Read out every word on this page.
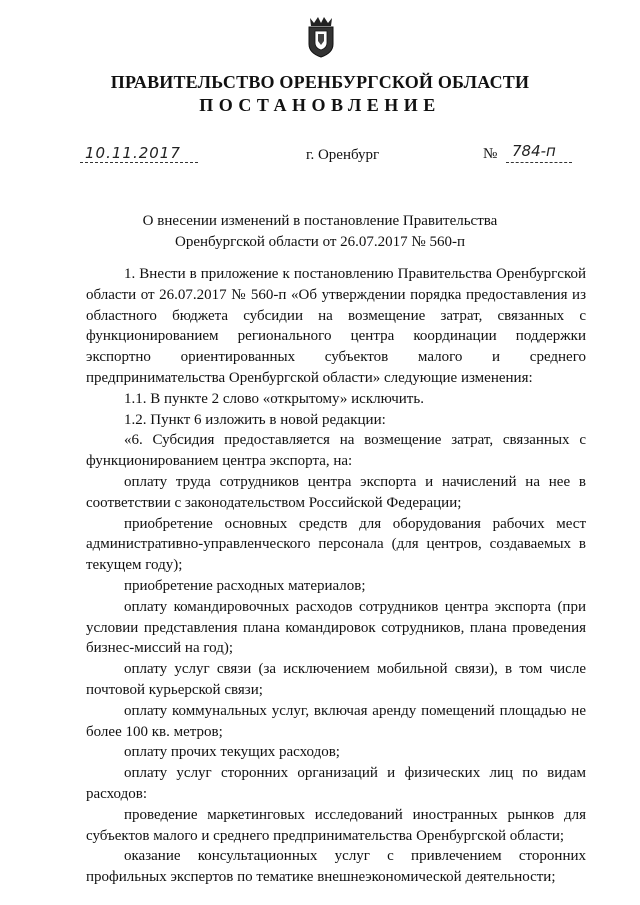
ПРАВИТЕЛЬСТВО ОРЕНБУРГСКОЙ ОБЛАСТИ
ПОСТАНОВЛЕНИЕ
10.11.2017	г. Оренбург	№ 784-п
О внесении изменений в постановление Правительства
Оренбургской области от 26.07.2017 № 560-п

1. Внести в приложение к постановлению Правительства Оренбургской области от 26.07.2017 № 560-п «Об утверждении порядка предоставления из областного бюджета субсидии на возмещение затрат, связанных с функционированием регионального центра координации поддержки экспортно ориентированных субъектов малого и среднего предпринимательства Оренбургской области» следующие изменения:

1.1. В пункте 2 слово «открытому» исключить.

1.2. Пункт 6 изложить в новой редакции:

«6. Субсидия предоставляется на возмещение затрат, связанных с функционированием центра экспорта, на:

оплату труда сотрудников центра экспорта и начислений на нее в соответствии с законодательством Российской Федерации;

приобретение основных средств для оборудования рабочих мест административно-управленческого персонала (для центров, создаваемых в текущем году);

приобретение расходных материалов;

оплату командировочных расходов сотрудников центра экспорта (при условии представления плана командировок сотрудников, плана проведения бизнес-миссий на год);

оплату услуг связи (за исключением мобильной связи), в том числе почтовой курьерской связи;

оплату коммунальных услуг, включая аренду помещений площадью не более 100 кв. метров;

оплату прочих текущих расходов;

оплату услуг сторонних организаций и физических лиц по видам расходов:

проведение маркетинговых исследований иностранных рынков для субъектов малого и среднего предпринимательства Оренбургской области;

оказание консультационных услуг с привлечением сторонних профильных экспертов по тематике внешнеэкономической деятельности;
